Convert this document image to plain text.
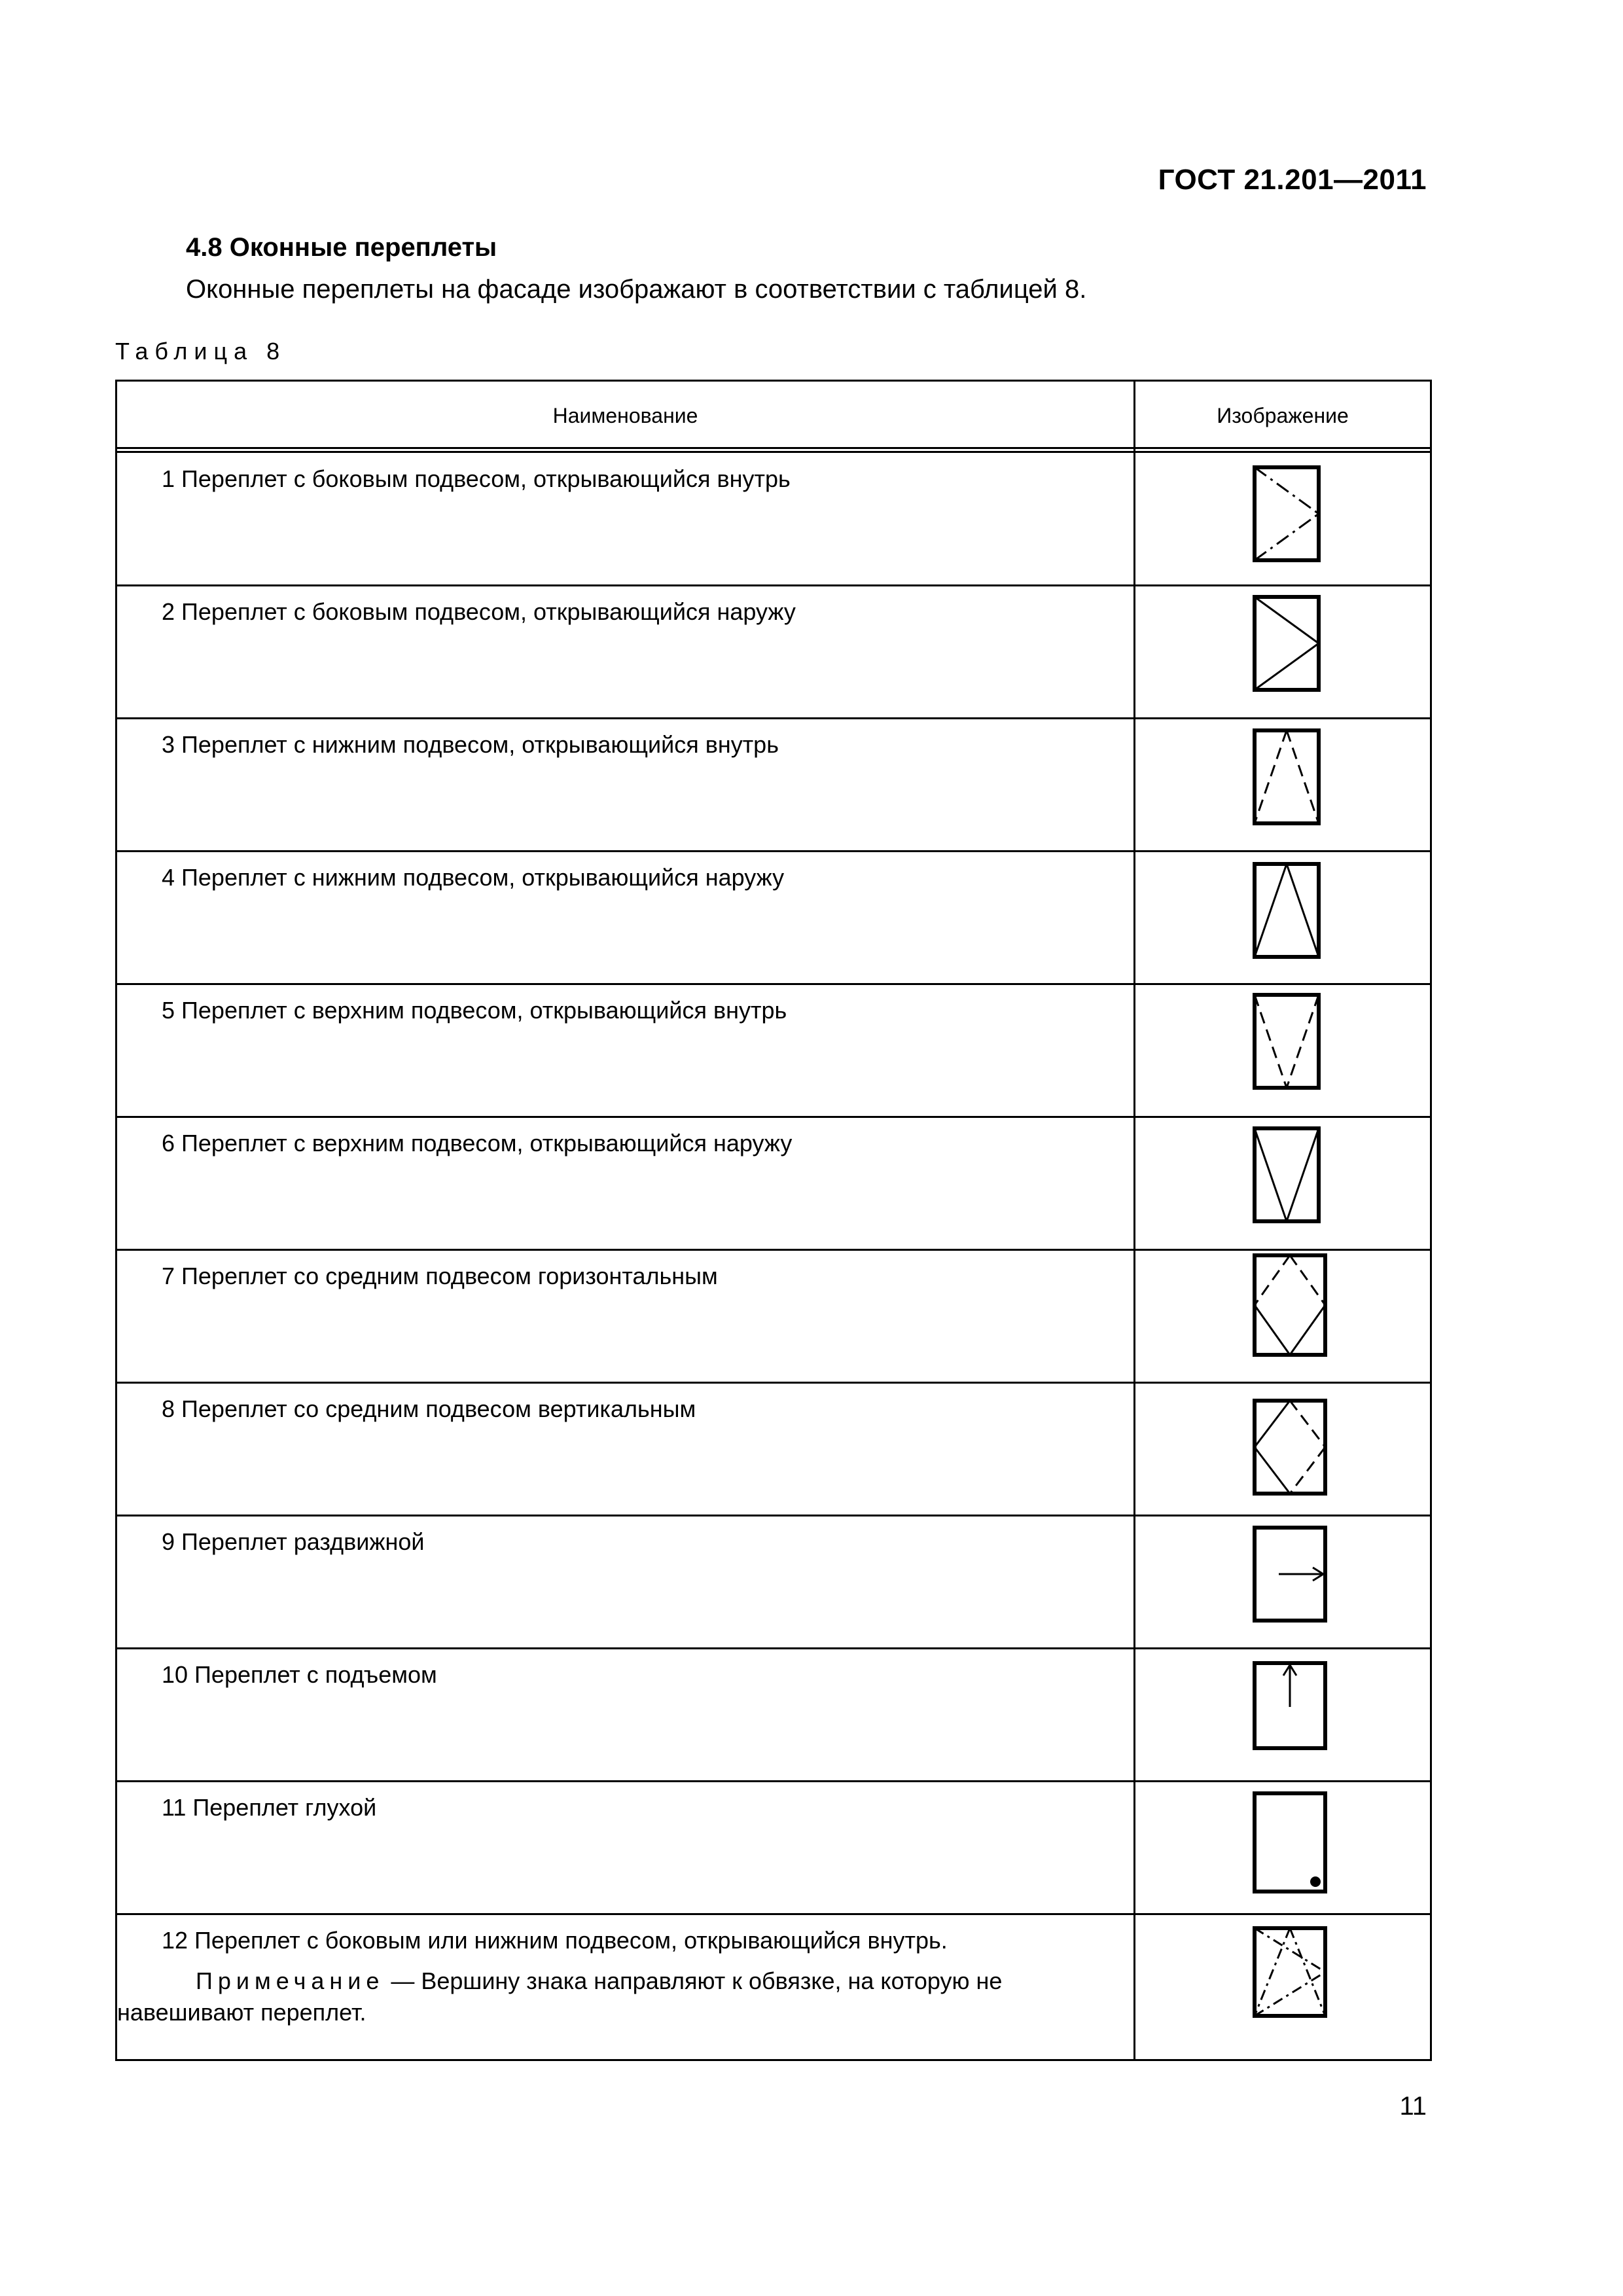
ГОСТ 21.201—2011
4.8 Оконные переплеты
Оконные переплеты на фасаде изображают в соответствии с таблицей 8.
Таблица 8
Наименование	Изображение
1 Переплет с боковым подвесом, открывающийся внутрь
2 Переплет с боковым подвесом, открывающийся наружу
3 Переплет с нижним подвесом, открывающийся внутрь
4 Переплет с нижним подвесом, открывающийся наружу
5 Переплет с верхним подвесом, открывающийся внутрь
6 Переплет с верхним подвесом, открывающийся наружу
7 Переплет со средним подвесом горизонтальным
8 Переплет со средним подвесом вертикальным
9 Переплет раздвижной
10 Переплет с подъемом
11 Переплет глухой
12 Переплет с боковым или нижним подвесом, открывающийся внутрь.
Примечание — Вершину знака направляют к обвязке, на которую не навешивают переплет.
11
